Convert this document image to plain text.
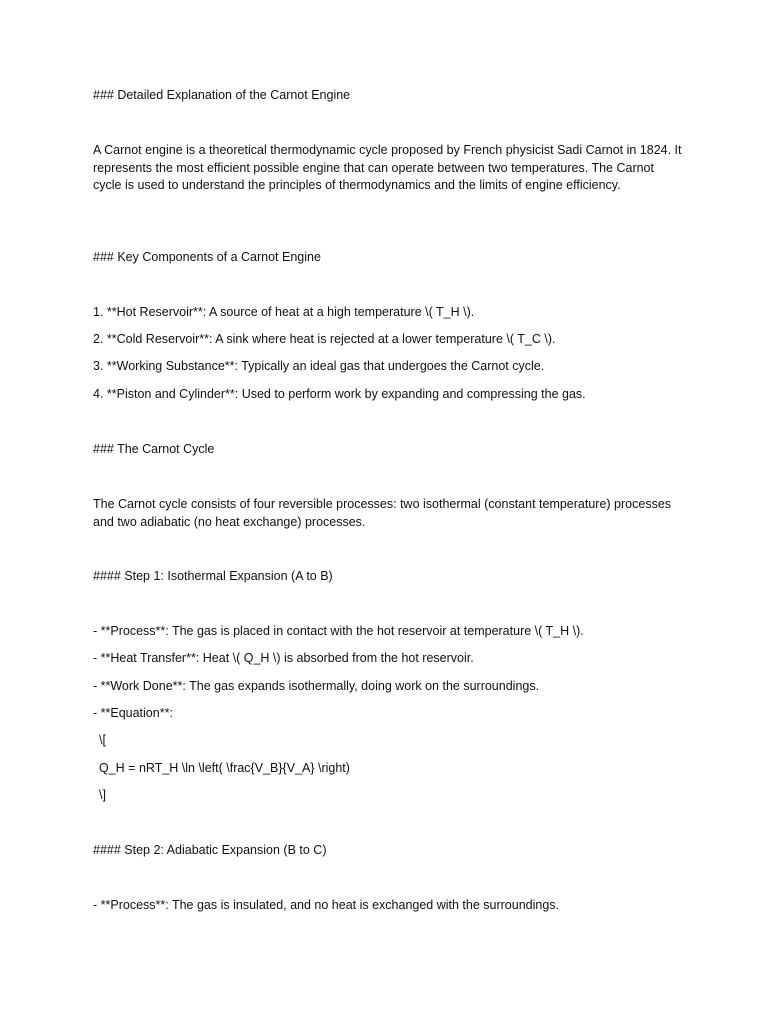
### Detailed Explanation of the Carnot Engine
A Carnot engine is a theoretical thermodynamic cycle proposed by French physicist Sadi Carnot in 1824. It represents the most efficient possible engine that can operate between two temperatures. The Carnot cycle is used to understand the principles of thermodynamics and the limits of engine efficiency.
### Key Components of a Carnot Engine
1. **Hot Reservoir**: A source of heat at a high temperature \( T_H \).
2. **Cold Reservoir**: A sink where heat is rejected at a lower temperature \( T_C \).
3. **Working Substance**: Typically an ideal gas that undergoes the Carnot cycle.
4. **Piston and Cylinder**: Used to perform work by expanding and compressing the gas.
### The Carnot Cycle
The Carnot cycle consists of four reversible processes: two isothermal (constant temperature) processes and two adiabatic (no heat exchange) processes.
#### Step 1: Isothermal Expansion (A to B)
- **Process**: The gas is placed in contact with the hot reservoir at temperature \( T_H \).
- **Heat Transfer**: Heat \( Q_H \) is absorbed from the hot reservoir.
- **Work Done**: The gas expands isothermally, doing work on the surroundings.
- **Equation**:
\[
Q_H = nRT_H \ln \left( \frac{V_B}{V_A} \right)
\]
#### Step 2: Adiabatic Expansion (B to C)
- **Process**: The gas is insulated, and no heat is exchanged with the surroundings.
